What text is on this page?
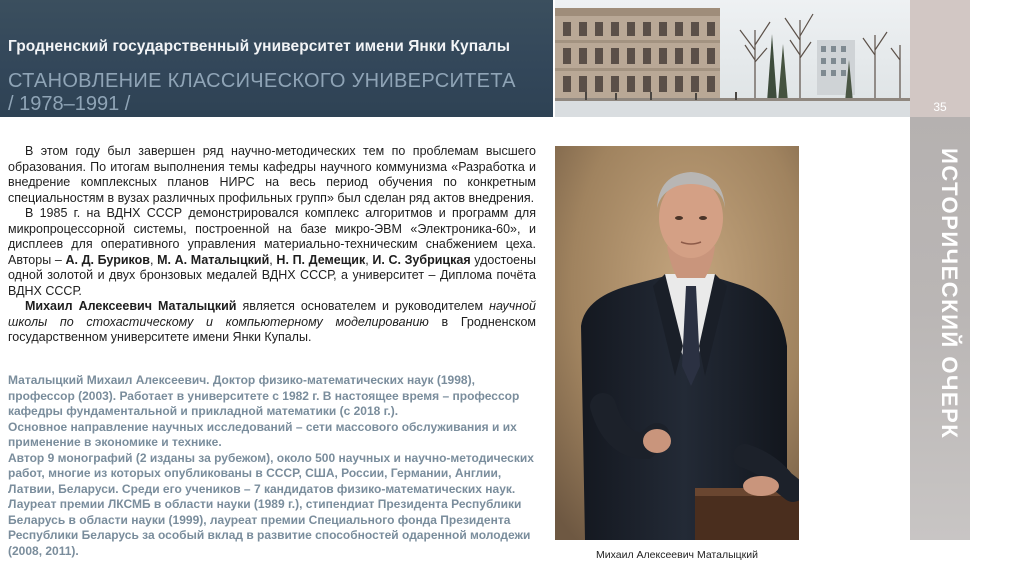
Гродненский государственный университет имени Янки Купалы
СТАНОВЛЕНИЕ КЛАССИЧЕСКОГО УНИВЕРСИТЕТА
/ 1978–1991 /	35
ИСТОРИЧЕСКИЙ ОЧЕРК

В этом году был завершен ряд научно-методических тем по проблемам высшего образования. По итогам выполнения темы кафедры научного коммунизма «Разработка и внедрение комплексных планов НИРС на весь период обучения по конкретным специальностям в вузах различных профильных групп» был сделан ряд актов внедрения.

В 1985 г. на ВДНХ СССР демонстрировался комплекс алгоритмов и программ для микропроцессорной системы, построенной на базе микро-ЭВМ «Электроника-60», и дисплеев для оперативного управления материально-техническим снабжением цеха. Авторы – А. Д. Буриков, М. А. Маталыцкий, Н. П. Демещик, И. С. Зубрицкая удостоены одной золотой и двух бронзовых медалей ВДНХ СССР, а университет – Диплома почёта ВДНХ СССР.

Михаил Алексеевич Маталыцкий является основателем и руководителем научной школы по стохастическому и компьютерному моделированию в Гродненском государственном университете имени Янки Купалы.

Маталыцкий Михаил Алексеевич. Доктор физико-математических наук (1998), профессор (2003). Работает в университете с 1982 г. В настоящее время – профессор кафедры фундаментальной и прикладной математики (с 2018 г.).

Основное направление научных исследований – сети массового обслуживания и их применение в экономике и технике.

Автор 9 монографий (2 изданы за рубежом), около 500 научных и научно-методических работ, многие из которых опубликованы в СССР, США, России, Германии, Англии, Латвии, Беларуси. Среди его учеников – 7 кандидатов физико-математических наук.

Лауреат премии ЛКСМБ в области науки (1989 г.), стипендиат Президента Республики Беларусь в области науки (1999), лауреат премии Специального фонда Президента Республики Беларусь за особый вклад в развитие способностей одаренной молодежи (2008, 2011).	Михаил Алексеевич Маталыцкий
